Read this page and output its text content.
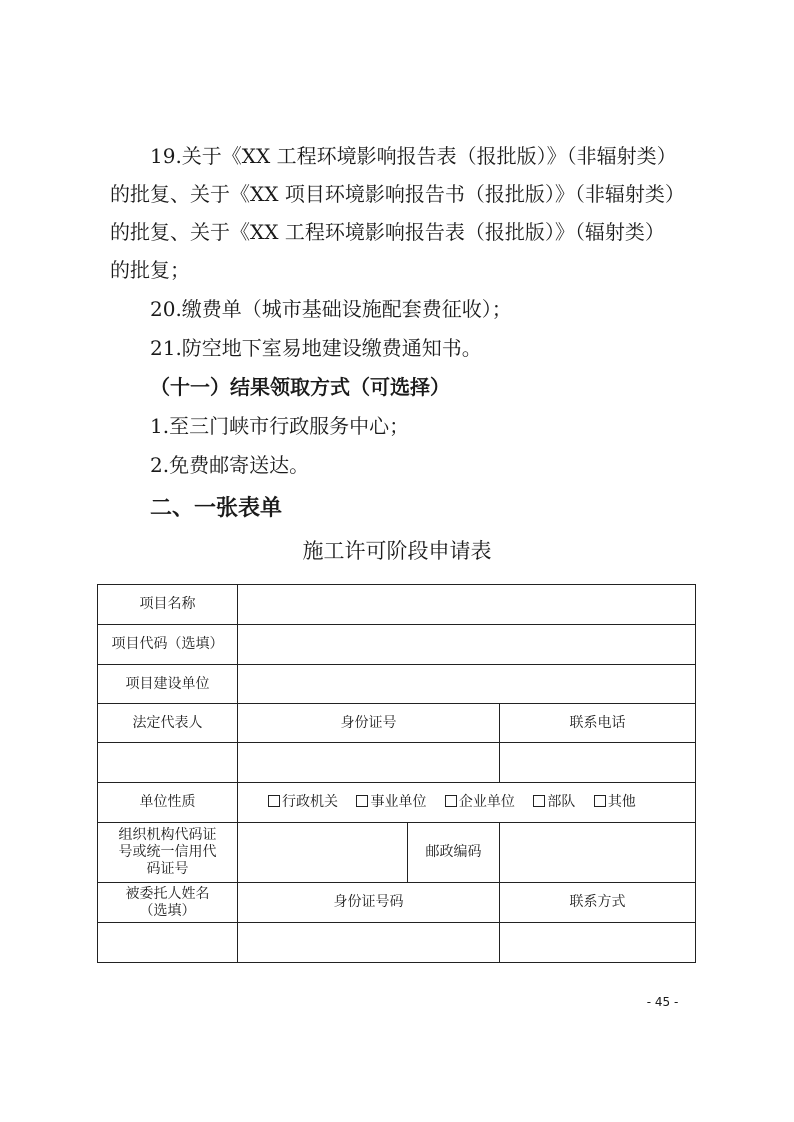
19.关于《XX 工程环境影响报告表（报批版）》（非辐射类）
的批复、关于《XX 项目环境影响报告书（报批版）》（非辐射类）
的批复、关于《XX 工程环境影响报告表（报批版）》（辐射类）
的批复；
20.缴费单（城市基础设施配套费征收）；
21.防空地下室易地建设缴费通知书。
（十一）结果领取方式（可选择）
1.至三门峡市行政服务中心；
2.免费邮寄送达。
二、一张表单
施工许可阶段申请表
项目名称			
项目代码（选填）			
项目建设单位			
法定代表人	身份证号		联系电话

单位性质	行政机关 事业单位 企业单位 部队 其他		

组织机构代码证
号或统一信用代
码证号		邮政编码	

被委托人姓名
（选填）	身份证号码		联系方式

- 45 -
